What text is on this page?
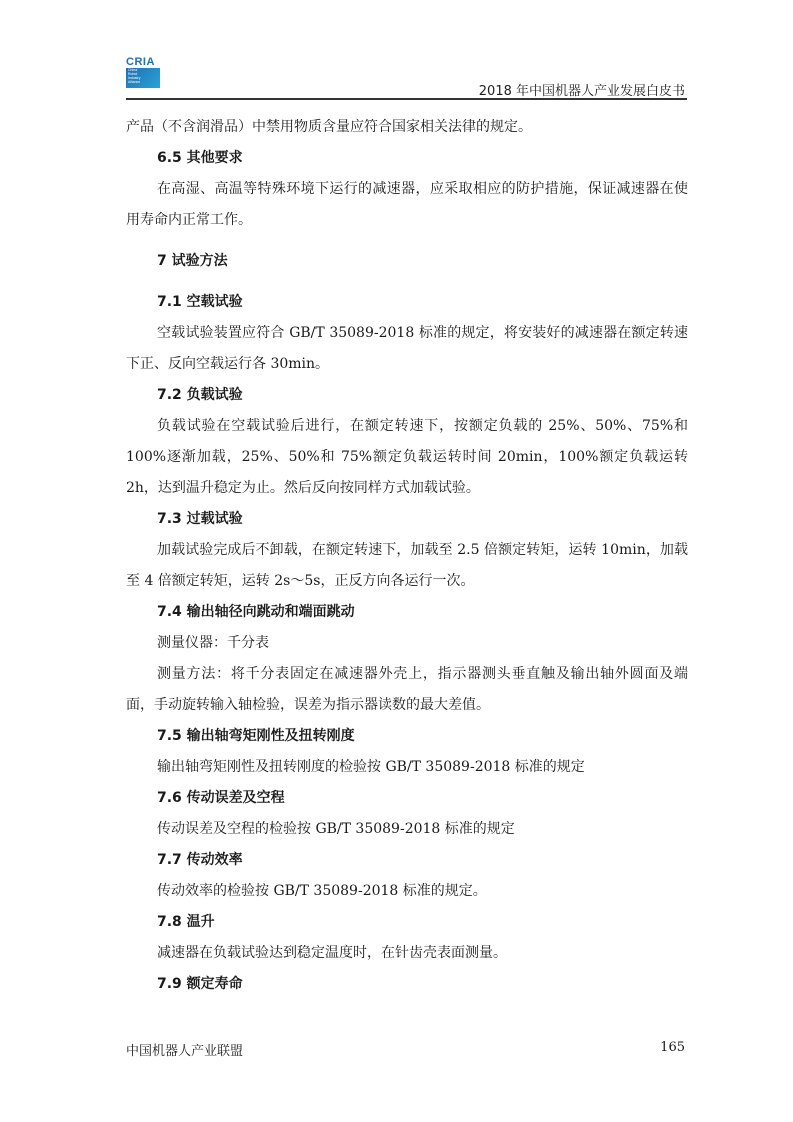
CRIA
China
Robot
Industry
Alliance
2018 年中国机器人产业发展白皮书

产品（不含润滑品）中禁用物质含量应符合国家相关法律的规定。

6.5 其他要求

在高湿、高温等特殊环境下运行的减速器，应采取相应的防护措施，保证减速器在使用寿命内正常工作。

7 试验方法

7.1 空载试验

空载试验装置应符合 GB/T 35089-2018 标准的规定，将安装好的减速器在额定转速下正、反向空载运行各 30min。

7.2 负载试验

负载试验在空载试验后进行，在额定转速下，按额定负载的 25%、50%、75%和 100%逐渐加载，25%、50%和 75%额定负载运转时间 20min，100%额定负载运转 2h，达到温升稳定为止。然后反向按同样方式加载试验。

7.3 过载试验

加载试验完成后不卸载，在额定转速下，加载至 2.5 倍额定转矩，运转 10min，加载至 4 倍额定转矩，运转 2s～5s，正反方向各运行一次。

7.4 输出轴径向跳动和端面跳动

测量仪器：千分表

测量方法：将千分表固定在减速器外壳上，指示器测头垂直触及输出轴外圆面及端面，手动旋转输入轴检验，误差为指示器读数的最大差值。

7.5 输出轴弯矩刚性及扭转刚度

输出轴弯矩刚性及扭转刚度的检验按 GB/T 35089-2018 标准的规定

7.6 传动误差及空程

传动误差及空程的检验按 GB/T 35089-2018 标准的规定

7.7 传动效率

传动效率的检验按 GB/T 35089-2018 标准的规定。

7.8 温升

减速器在负载试验达到稳定温度时，在针齿壳表面测量。

7.9 额定寿命

中国机器人产业联盟	165
